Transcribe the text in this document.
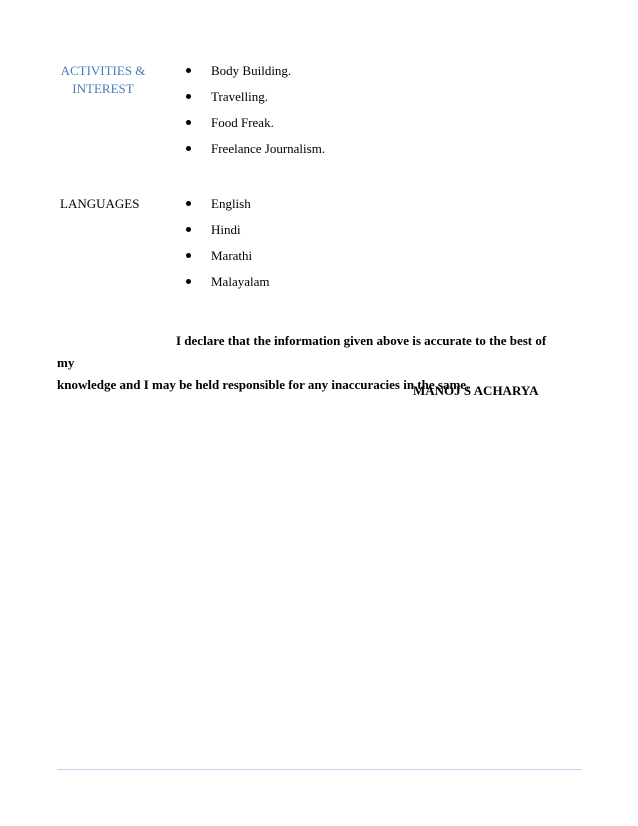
ACTIVITIES &
INTEREST
Body Building.
Travelling.
Food Freak.
Freelance Journalism.
LANGUAGES	English
Hindi
Marathi
Malayalam

I declare that the information given above is accurate to the best of my
knowledge and I may be held responsible for any inaccuracies in the same.

MANOJ S ACHARYA
